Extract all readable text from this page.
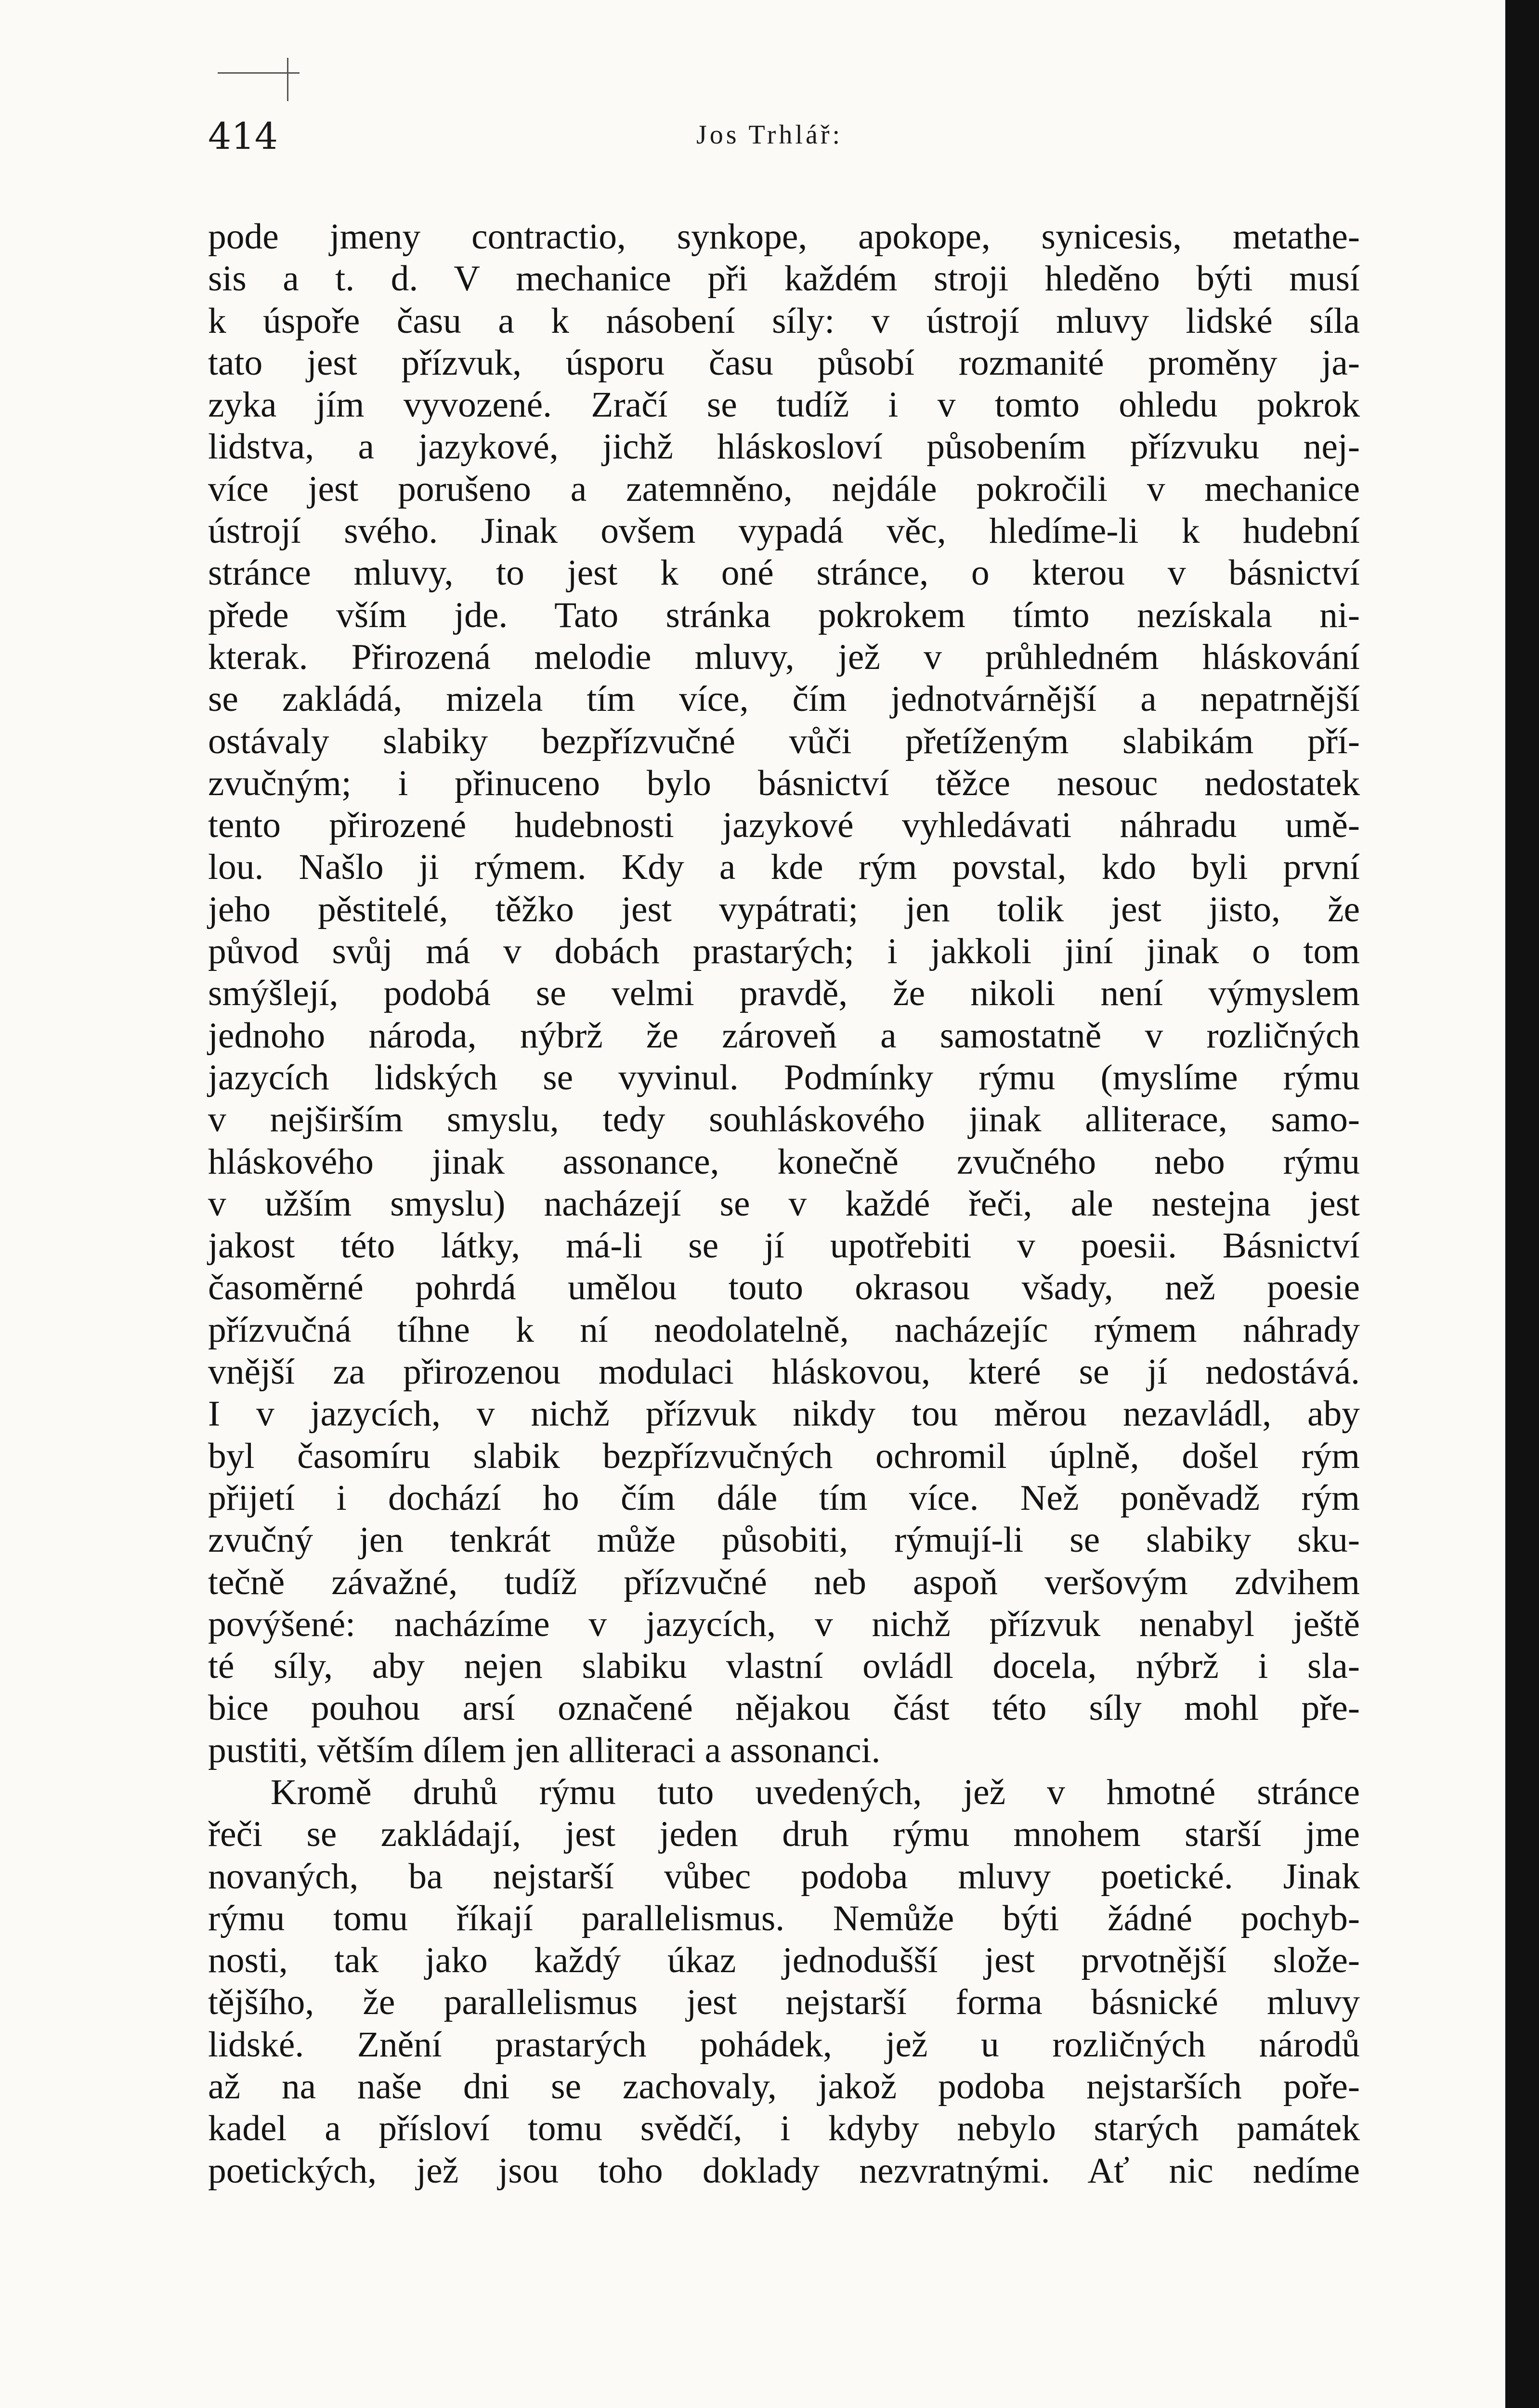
414	Jos Trhlář:
pode jmeny contractio, synkope, apokope, synicesis, metathe-
sis a t. d. V mechanice při každém stroji hleděno býti musí
k úspoře času a k násobení síly: v ústrojí mluvy lidské síla
tato jest přízvuk, úsporu času působí rozmanité proměny ja-
zyka jím vyvozené. Zračí se tudíž i v tomto ohledu pokrok
lidstva, a jazykové, jichž hláskosloví působením přízvuku nej-
více jest porušeno a zatemněno, nejdále pokročili v mechanice
ústrojí svého. Jinak ovšem vypadá věc, hledíme-li k hudební
stránce mluvy, to jest k oné stránce, o kterou v básnictví
přede vším jde. Tato stránka pokrokem tímto nezískala ni-
kterak. Přirozená melodie mluvy, jež v průhledném hláskování
se zakládá, mizela tím více, čím jednotvárnější a nepatrnější
ostávaly slabiky bezpřízvučné vůči přetíženým slabikám pří-
zvučným; i přinuceno bylo básnictví těžce nesouc nedostatek
tento přirozené hudebnosti jazykové vyhledávati náhradu umě-
lou. Našlo ji rýmem. Kdy a kde rým povstal, kdo byli první
jeho pěstitelé, těžko jest vypátrati; jen tolik jest jisto, že
původ svůj má v dobách prastarých; i jakkoli jiní jinak o tom
smýšlejí, podobá se velmi pravdě, že nikoli není výmyslem
jednoho národa, nýbrž že zároveň a samostatně v rozličných
jazycích lidských se vyvinul. Podmínky rýmu (myslíme rýmu
v nejširším smyslu, tedy souhláskového jinak alliterace, samo-
hláskového jinak assonance, konečně zvučného nebo rýmu
v užším smyslu) nacházejí se v každé řeči, ale nestejna jest
jakost této látky, má-li se jí upotřebiti v poesii. Básnictví
časoměrné pohrdá umělou touto okrasou všady, než poesie
přízvučná tíhne k ní neodolatelně, nacházejíc rýmem náhrady
vnější za přirozenou modulaci hláskovou, které se jí nedostává.
I v jazycích, v nichž přízvuk nikdy tou měrou nezavládl, aby
byl časomíru slabik bezpřízvučných ochromil úplně, došel rým
přijetí i dochází ho čím dále tím více. Než poněvadž rým
zvučný jen tenkrát může působiti, rýmují-li se slabiky sku-
tečně závažné, tudíž přízvučné neb aspoň veršovým zdvihem
povýšené: nacházíme v jazycích, v nichž přízvuk nenabyl ještě
té síly, aby nejen slabiku vlastní ovládl docela, nýbrž i sla-
bice pouhou arsí označené nějakou část této síly mohl pře-
pustiti, větším dílem jen alliteraci a assonanci.
Kromě druhů rýmu tuto uvedených, jež v hmotné stránce
řeči se zakládají, jest jeden druh rýmu mnohem starší jme
novaných, ba nejstarší vůbec podoba mluvy poetické. Jinak
rýmu tomu říkají parallelismus. Nemůže býti žádné pochyb-
nosti, tak jako každý úkaz jednodušší jest prvotnější slože-
tějšího, že parallelismus jest nejstarší forma básnické mluvy
lidské. Znění prastarých pohádek, jež u rozličných národů
až na naše dni se zachovaly, jakož podoba nejstarších poře-
kadel a přísloví tomu svědčí, i kdyby nebylo starých památek
poetických, jež jsou toho doklady nezvratnými. Ať nic nedíme
